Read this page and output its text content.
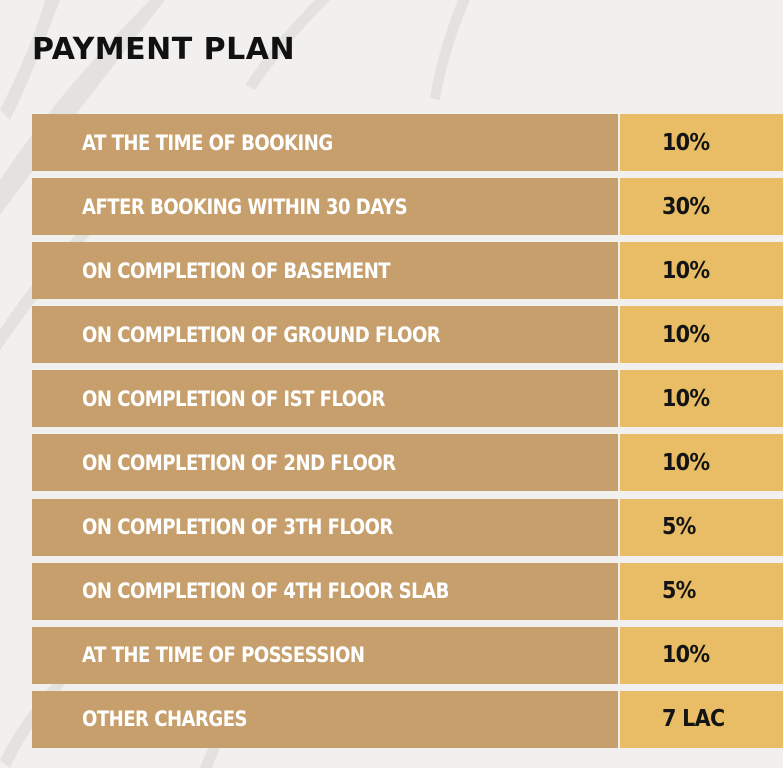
PAYMENT PLAN
AT THE TIME OF BOOKING	10%
AFTER BOOKING WITHIN 30 DAYS	30%
ON COMPLETION OF BASEMENT	10%
ON COMPLETION OF GROUND FLOOR	10%
ON COMPLETION OF IST FLOOR	10%
ON COMPLETION OF 2ND FLOOR	10%
ON COMPLETION OF 3TH FLOOR	5%
ON COMPLETION OF 4TH FLOOR SLAB	5%
AT THE TIME OF POSSESSION	10%
OTHER CHARGES	7 LAC
